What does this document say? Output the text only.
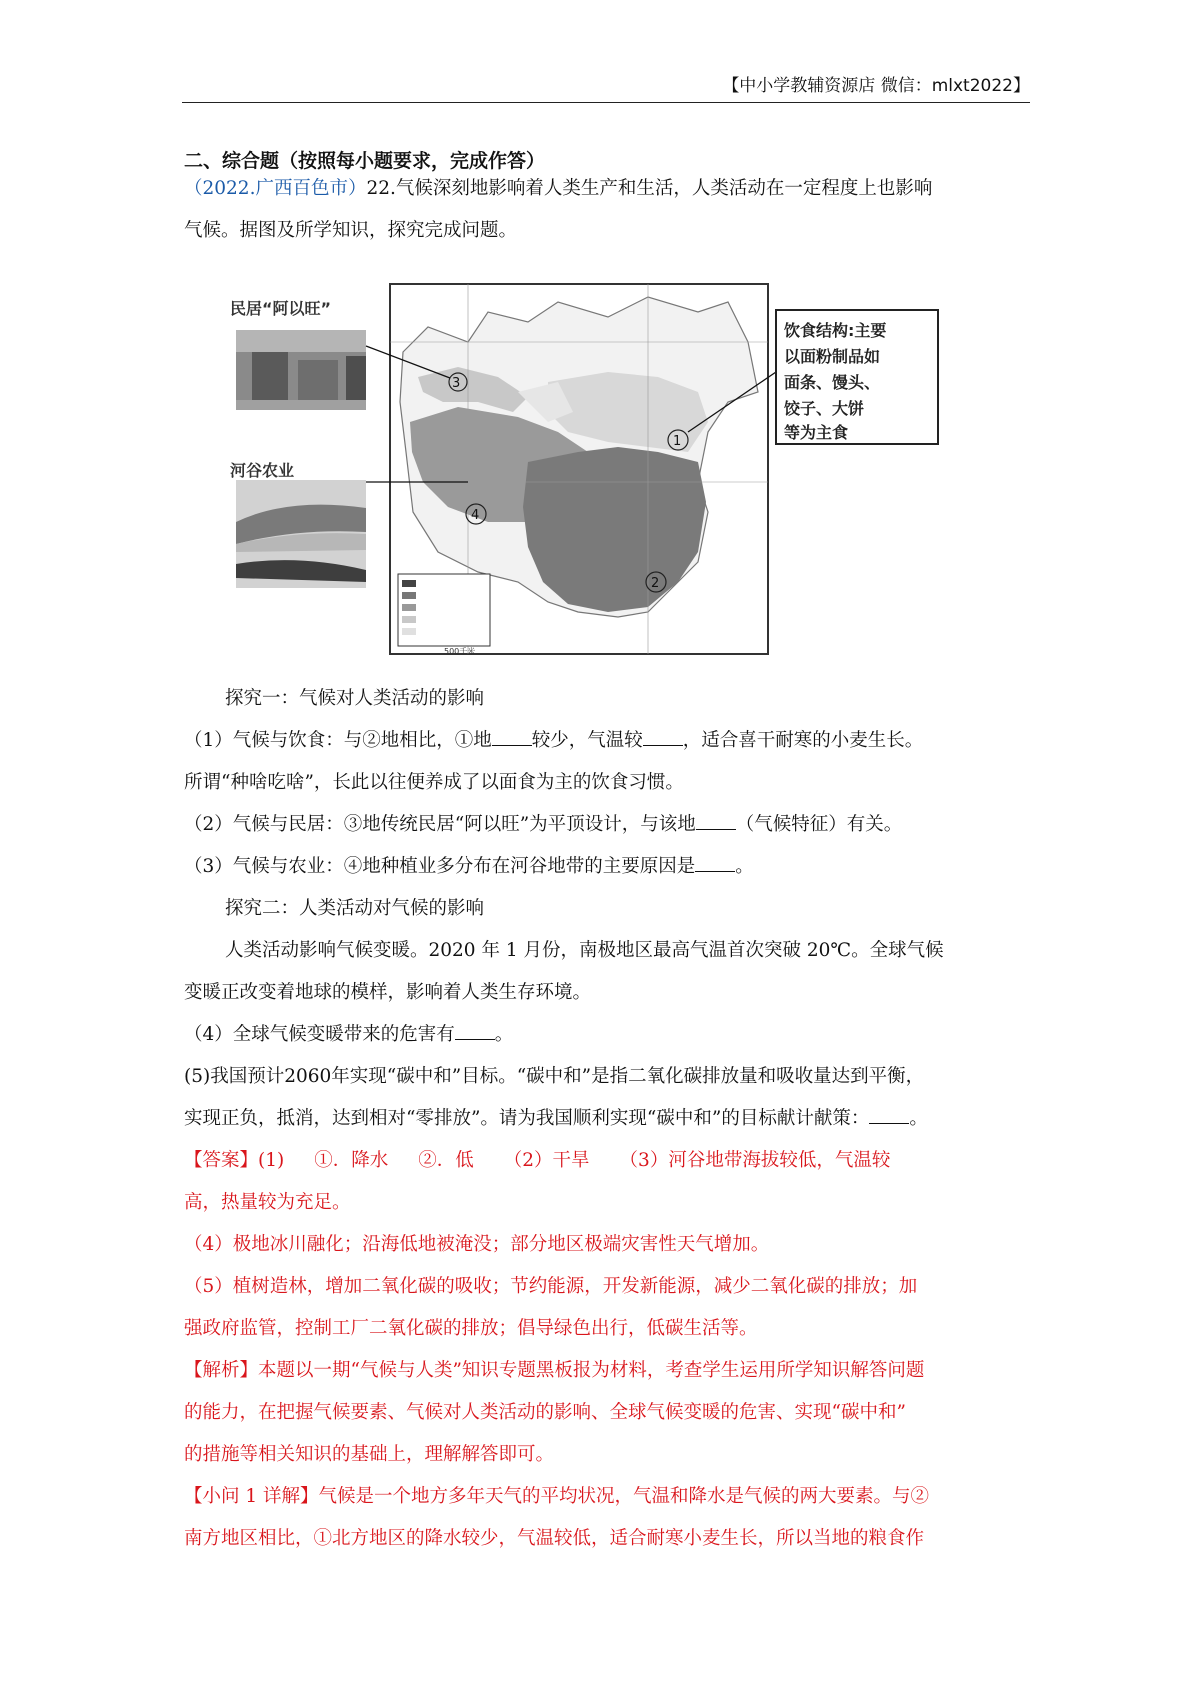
【中小学教辅资源店 微信：mlxt2022】
二、综合题（按照每小题要求，完成作答）
（2022.广西百色市）22.气候深刻地影响着人类生产和生活，人类活动在一定程度上也影响
气候。据图及所学知识，探究完成问题。
民居“阿以旺”
河谷农业
3
1
4
2
500千米
饮食结构:主要
以面粉制品如
面条、馒头、
饺子、大饼
等为主食
探究一：气候对人类活动的影响
（1）气候与饮食：与②地相比，①地 较少，气温较 ，适合喜干耐寒的小麦生长。
所谓“种啥吃啥”，长此以往便养成了以面食为主的饮食习惯。
（2）气候与民居：③地传统民居“阿以旺”为平顶设计，与该地 （气候特征）有关。
（3）气候与农业：④地种植业多分布在河谷地带的主要原因是 。
探究二：人类活动对气候的影响
人类活动影响气候变暖。2020 年 1 月份，南极地区最高气温首次突破 20℃。全球气候
变暖正改变着地球的模样，影响着人类生存环境。
（4）全球气候变暖带来的危害有 。
(5)我国预计2060年实现“碳中和”目标。“碳中和”是指二氧化碳排放量和吸收量达到平衡，
实现正负，抵消，达到相对“零排放”。请为我国顺利实现“碳中和”的目标献计献策： 。
【答案】(1) ①．降水 ②．低 （2）干旱 （3）河谷地带海拔较低，气温较
高，热量较为充足。
（4）极地冰川融化；沿海低地被淹没；部分地区极端灾害性天气增加。
（5）植树造林，增加二氧化碳的吸收；节约能源，开发新能源，减少二氧化碳的排放；加
强政府监管，控制工厂二氧化碳的排放；倡导绿色出行，低碳生活等。
【解析】本题以一期“气候与人类”知识专题黑板报为材料，考查学生运用所学知识解答问题
的能力，在把握气候要素、气候对人类活动的影响、全球气候变暖的危害、实现“碳中和”
的措施等相关知识的基础上，理解解答即可。
【小问 1 详解】气候是一个地方多年天气的平均状况，气温和降水是气候的两大要素。与②
南方地区相比，①北方地区的降水较少，气温较低，适合耐寒小麦生长，所以当地的粮食作
